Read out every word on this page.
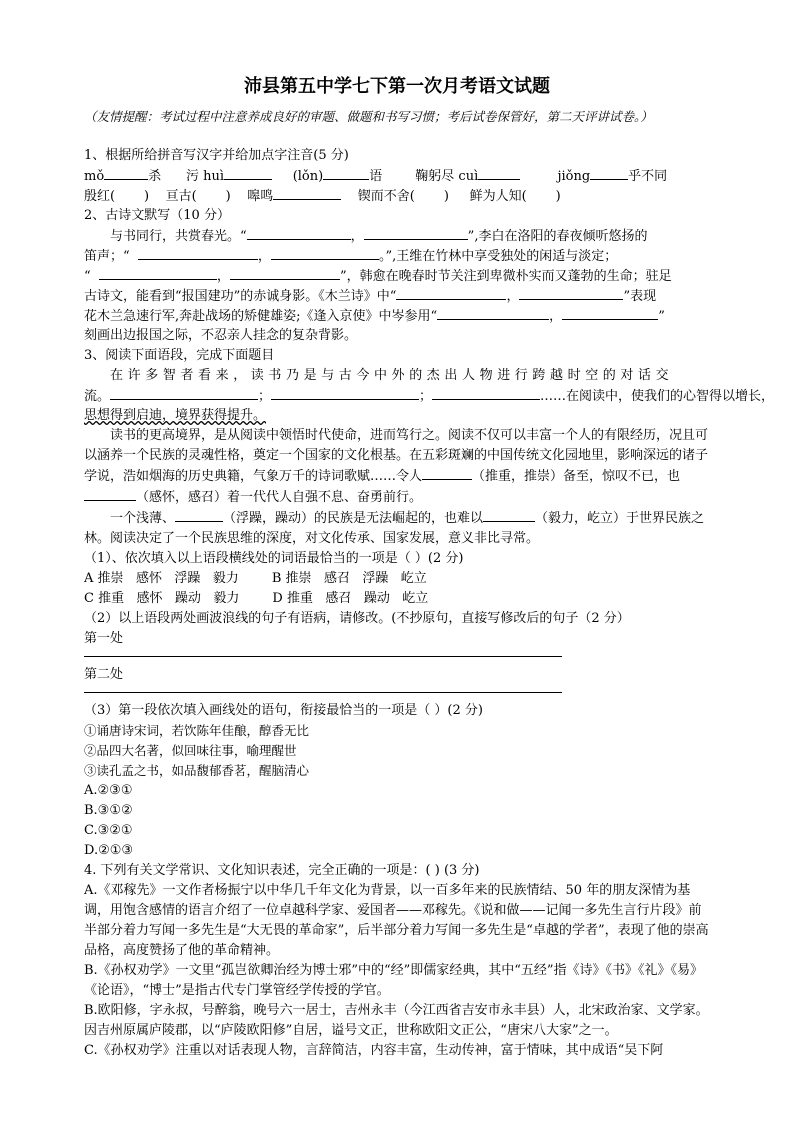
沛县第五中学七下第一次月考语文试题
（友情提醒：考试过程中注意养成良好的审题、做题和书写习惯；考后试卷保管好，第二天评讲试卷。）
1、根据所给拼音写汉字并给加点字注音(5 分)
mǒ	杀 污 huì	(lǒn)	语	鞠躬尽 cuì	jiǒng	乎不同
殷红( ) 亘古( ) 嗥鸣	锲而不舍( ) 鲜为人知( )
2、古诗文默写（10 分）
与书同行，共赏春光。“	，	”,李白在洛阳的春夜倾听悠扬的
笛声；“	，	。”,王维在竹林中享受独处的闲适与淡定；
“	，	”，韩愈在晚春时节关注到卑微朴实而又蓬勃的生命；驻足
古诗文，能看到“报国建功”的赤诚身影。《木兰诗》中“	，	”表现
花木兰急速行军,奔赴战场的矫健雄姿;《逢入京使》中岑参用“	，	”
刻画出边报国之际，不忍亲人挂念的复杂背影。
3、阅读下面语段，完成下面题目
在许多智者看来，读书乃是与古今中外的杰出人物进行跨越时空的对话交
流。	；	；	……在阅读中，使我们的心智得以增长，
思想得到启迪，境界获得提升。
读书的更高境界，是从阅读中领悟时代使命，进而笃行之。阅读不仅可以丰富一个人的有限经历，况且可以涵养一个民族的灵魂性格，奠定一个国家的文化根基。在五彩斑斓的中国传统文化园地里，影响深远的诸子学说，浩如烟海的历史典籍，气象万千的诗词歌赋……令人	（推重，推崇）备至，惊叹不已，也（感怀，感召）着一代代人自强不息、奋勇前行。
一个浅薄、	（浮躁，躁动）的民族是无法崛起的，也难以	（毅力，屹立）于世界民族之林。阅读决定了一个民族思维的深度，对文化传承、国家发展，意义非比寻常。
（1）、依次填入以上语段横线处的词语最恰当的一项是（ ）(2 分)
A 推崇 感怀 浮躁 毅力	B 推崇 感召 浮躁 屹立
C 推重 感怀 躁动 毅力	D 推重 感召 躁动 屹立
（2）以上语段两处画波浪线的句子有语病，请修改。(不抄原句，直接写修改后的句子（2 分）
第一处
第二处
（3）第一段依次填入画线处的语句，衔接最恰当的一项是（ ）(2 分)
①诵唐诗宋词，若饮陈年佳酿，醇香无比
②品四大名著，似回味往事，喻理醒世
③读孔孟之书，如品馥郁香茗，醒脑清心
A.②③①
B.③①②
C.③②①
D.②①③
4. 下列有关文学常识、文化知识表述，完全正确的一项是：( ) (3 分)
A.《邓稼先》一文作者杨振宁以中华几千年文化为背景，以一百多年来的民族情结、50 年的朋友深情为基调，用饱含感情的语言介绍了一位卓越科学家、爱国者——邓稼先。《说和做——记闻一多先生言行片段》前半部分着力写闻一多先生是“大无畏的革命家”，后半部分着力写闻一多先生是“卓越的学者”，表现了他的崇高品格，高度赞扬了他的革命精神。
B.《孙权劝学》一文里“孤岂欲卿治经为博士邪”中的“经”即儒家经典，其中“五经”指《诗》《书》《礼》《易》《论语》，“博士”是指古代专门掌管经学传授的学官。
B.欧阳修，字永叔，号醉翁，晚号六一居士，吉州永丰（今江西省吉安市永丰县）人，北宋政治家、文学家。因吉州原属庐陵郡，以“庐陵欧阳修”自居，谥号文正，世称欧阳文正公，“唐宋八大家”之一。
C.《孙权劝学》注重以对话表现人物，言辞简洁，内容丰富，生动传神，富于情味，其中成语“吴下阿
